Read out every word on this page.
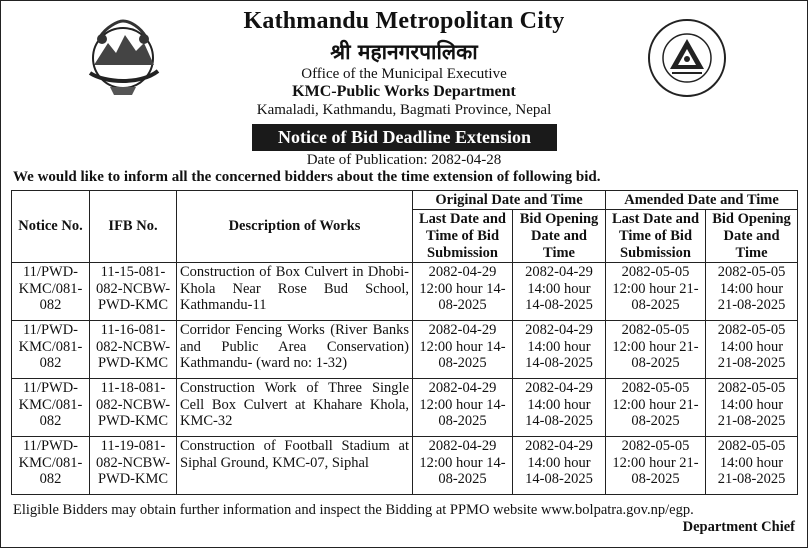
Kathmandu Metropolitan City
श्री महानगरपालिका
Office of the Municipal Executive
KMC-Public Works Department
Kamaladi, Kathmandu, Bagmati Province, Nepal
Notice of Bid Deadline Extension
Date of Publication: 2082-04-28
We would like to inform all the concerned bidders about the time extension of following bid.
Notice No.	IFB No.	Description of Works	Original Date and Time		Amended Date and Time	
			Last Date and Time of Bid Submission	Bid Opening Date and Time	Last Date and Time of Bid Submission	Bid Opening Date and Time
11/PWD-KMC/081-082	11-15-081-082-NCBW-PWD-KMC	Construction of Box Culvert in Dhobi-Khola Near Rose Bud School, Kathmandu-11	2082-04-29 12:00 hour 14-08-2025	2082-04-29 14:00 hour 14-08-2025	2082-05-05 12:00 hour 21-08-2025	2082-05-05 14:00 hour 21-08-2025
11/PWD-KMC/081-082	11-16-081-082-NCBW-PWD-KMC	Corridor Fencing Works (River Banks and Public Area Conservation) Kathmandu- (ward no: 1-32)	2082-04-29 12:00 hour 14-08-2025	2082-04-29 14:00 hour 14-08-2025	2082-05-05 12:00 hour 21-08-2025	2082-05-05 14:00 hour 21-08-2025
11/PWD-KMC/081-082	11-18-081-082-NCBW-PWD-KMC	Construction Work of Three Single Cell Box Culvert at Khahare Khola, KMC-32	2082-04-29 12:00 hour 14-08-2025	2082-04-29 14:00 hour 14-08-2025	2082-05-05 12:00 hour 21-08-2025	2082-05-05 14:00 hour 21-08-2025
11/PWD-KMC/081-082	11-19-081-082-NCBW-PWD-KMC	Construction of Football Stadium at Siphal Ground, KMC-07, Siphal	2082-04-29 12:00 hour 14-08-2025	2082-04-29 14:00 hour 14-08-2025	2082-05-05 12:00 hour 21-08-2025	2082-05-05 14:00 hour 21-08-2025
Eligible Bidders may obtain further information and inspect the Bidding at PPMO website www.bolpatra.gov.np/egp.
Department Chief
